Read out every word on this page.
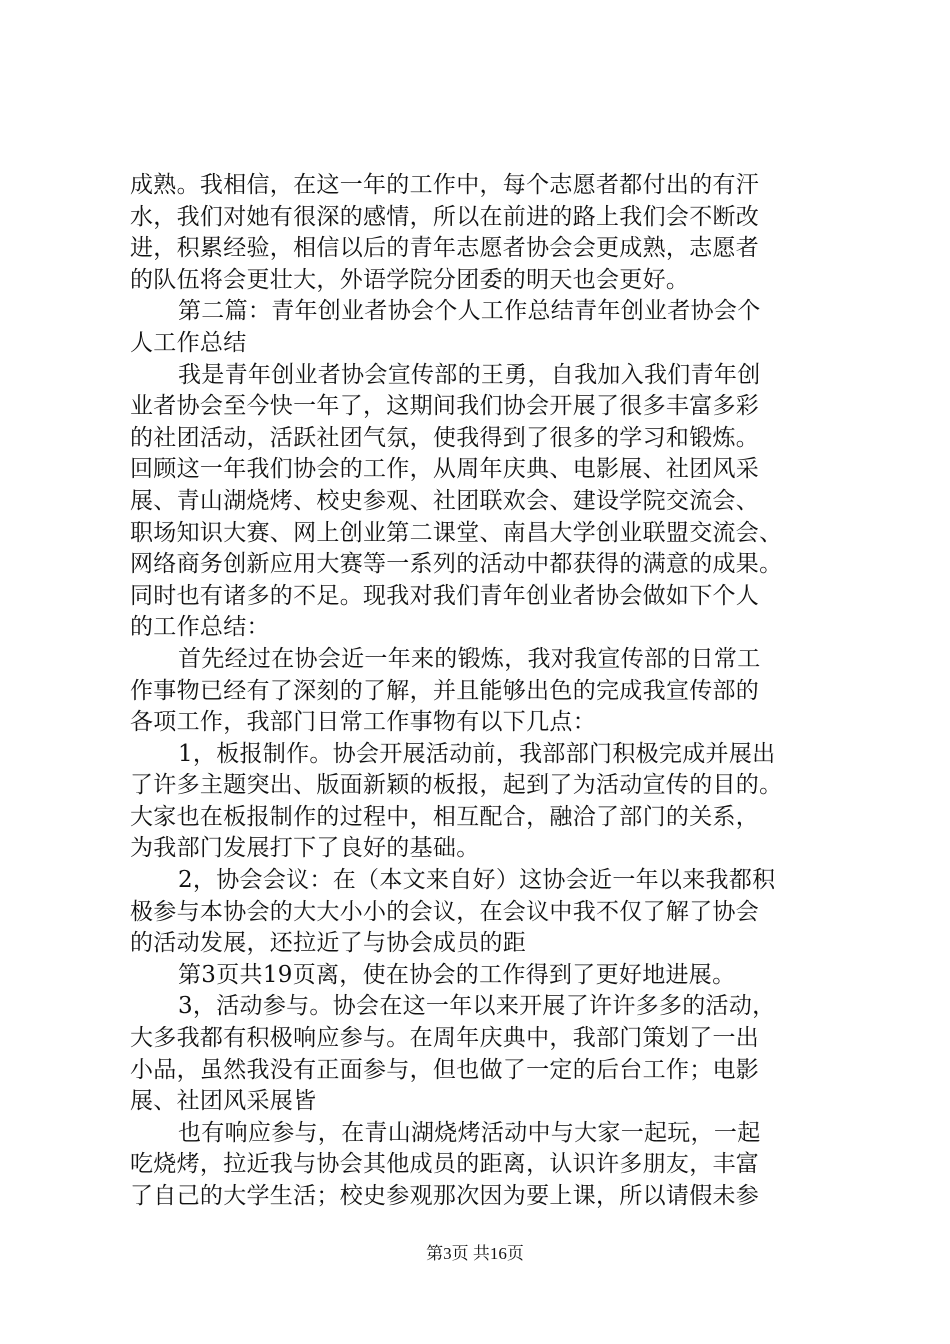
成熟。我相信，在这一年的工作中，每个志愿者都付出的有汗
水，我们对她有很深的感情，所以在前进的路上我们会不断改
进，积累经验，相信以后的青年志愿者协会会更成熟，志愿者
的队伍将会更壮大，外语学院分团委的明天也会更好。
第二篇：青年创业者协会个人工作总结青年创业者协会个
人工作总结
我是青年创业者协会宣传部的王勇，自我加入我们青年创
业者协会至今快一年了，这期间我们协会开展了很多丰富多彩
的社团活动，活跃社团气氛，使我得到了很多的学习和锻炼。
回顾这一年我们协会的工作，从周年庆典、电影展、社团风采
展、青山湖烧烤、校史参观、社团联欢会、建设学院交流会、
职场知识大赛、网上创业第二课堂、南昌大学创业联盟交流会、
网络商务创新应用大赛等一系列的活动中都获得的满意的成果。
同时也有诸多的不足。现我对我们青年创业者协会做如下个人
的工作总结：
首先经过在协会近一年来的锻炼，我对我宣传部的日常工
作事物已经有了深刻的了解，并且能够出色的完成我宣传部的
各项工作，我部门日常工作事物有以下几点：
1，板报制作。协会开展活动前，我部部门积极完成并展出
了许多主题突出、版面新颖的板报，起到了为活动宣传的目的。
大家也在板报制作的过程中，相互配合，融洽了部门的关系，
为我部门发展打下了良好的基础。
2，协会会议：在（本文来自好）这协会近一年以来我都积
极参与本协会的大大小小的会议，在会议中我不仅了解了协会
的活动发展，还拉近了与协会成员的距
第3页共19页离，使在协会的工作得到了更好地进展。
3，活动参与。协会在这一年以来开展了许许多多的活动，
大多我都有积极响应参与。在周年庆典中，我部门策划了一出
小品，虽然我没有正面参与，但也做了一定的后台工作；电影
展、社团风采展皆
也有响应参与，在青山湖烧烤活动中与大家一起玩，一起
吃烧烤，拉近我与协会其他成员的距离，认识许多朋友，丰富
了自己的大学生活；校史参观那次因为要上课，所以请假未参
第3页 共16页
